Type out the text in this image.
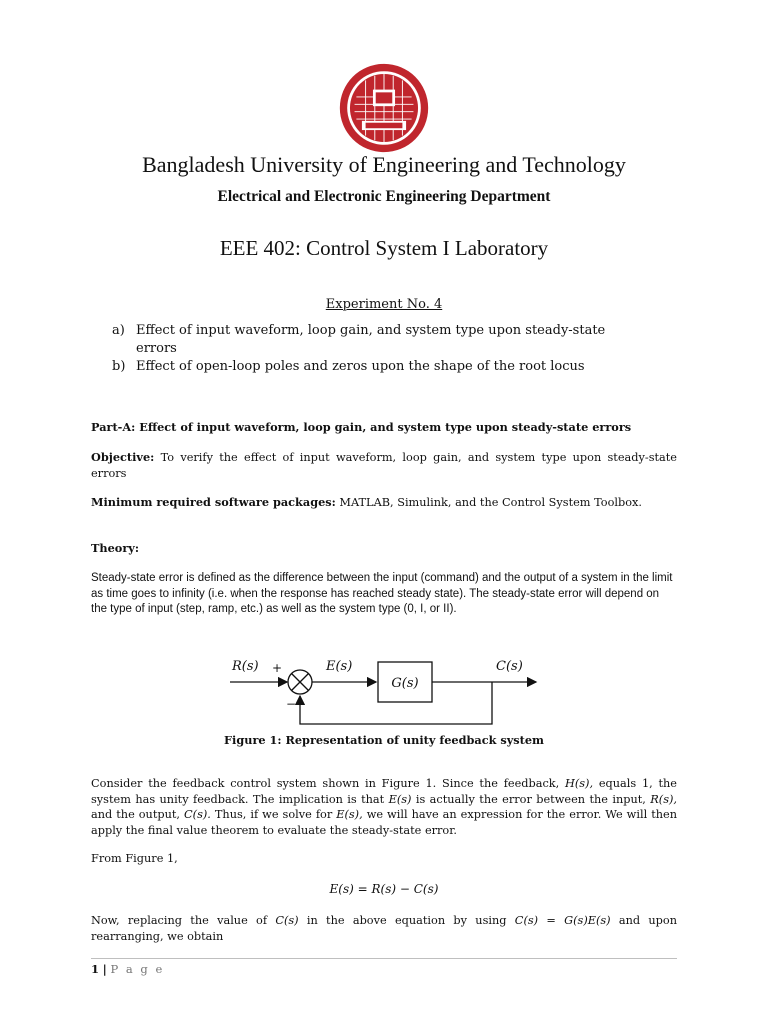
Bangladesh University of Engineering and Technology
Electrical and Electronic Engineering Department
EEE 402: Control System I Laboratory
Experiment No. 4
a) Effect of input waveform, loop gain, and system type upon steady-state errors
b) Effect of open-loop poles and zeros upon the shape of the root locus
Part-A: Effect of input waveform, loop gain, and system type upon steady-state errors
Objective: To verify the effect of input waveform, loop gain, and system type upon steady-state errors
Minimum required software packages: MATLAB, Simulink, and the Control System Toolbox.
Theory:
Steady-state error is defined as the difference between the input (command) and the output of a system in the limit as time goes to infinity (i.e. when the response has reached steady state). The steady-state error will depend on the type of input (step, ramp, etc.) as well as the system type (0, I, or II).
R(s) +
−
E(s)
G(s)
C(s)
Figure 1: Representation of unity feedback system
Consider the feedback control system shown in Figure 1. Since the feedback, H(s), equals 1, the system has unity feedback. The implication is that E(s) is actually the error between the input, R(s), and the output, C(s). Thus, if we solve for E(s), we will have an expression for the error. We will then apply the final value theorem to evaluate the steady-state error.
From Figure 1,
E(s) = R(s) − C(s)
Now, replacing the value of C(s) in the above equation by using C(s) = G(s)E(s) and upon rearranging, we obtain
1 | P a g e
